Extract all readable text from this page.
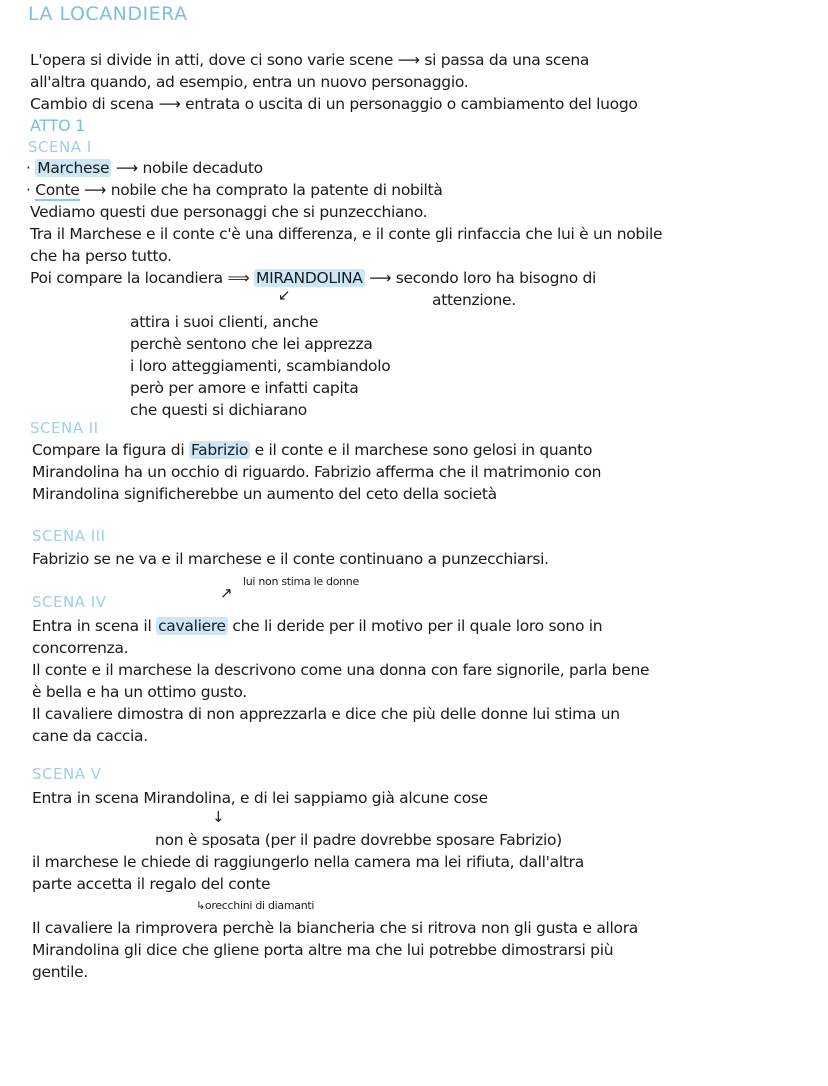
LA LOCANDIERA
L'opera si divide in atti, dove ci sono varie scene ⟶ si passa da una scena
all'altra quando, ad esempio, entra un nuovo personaggio.
Cambio di scena ⟶ entrata o uscita di un personaggio o cambiamento del luogo
ATTO 1
SCENA I
· Marchese ⟶ nobile decaduto
· Conte ⟶ nobile che ha comprato la patente di nobiltà
Vediamo questi due personaggi che si punzecchiano.
Tra il Marchese e il conte c'è una differenza, e il conte gli rinfaccia che lui è un nobile
che ha perso tutto.
Poi compare la locandiera ⟹ MIRANDOLINA ⟶ secondo loro ha bisogno di
attenzione.
↙
attira i suoi clienti, anche
perchè sentono che lei apprezza
i loro atteggiamenti, scambiandolo
però per amore e infatti capita
che questi si dichiarano
SCENA II
Compare la figura di Fabrizio e il conte e il marchese sono gelosi in quanto
Mirandolina ha un occhio di riguardo. Fabrizio afferma che il matrimonio con
Mirandolina significherebbe un aumento del ceto della società
SCENA III
Fabrizio se ne va e il marchese e il conte continuano a punzecchiarsi.
lui non stima le donne
↗
SCENA IV
Entra in scena il cavaliere che li deride per il motivo per il quale loro sono in
concorrenza.
Il conte e il marchese la descrivono come una donna con fare signorile, parla bene
è bella e ha un ottimo gusto.
Il cavaliere dimostra di non apprezzarla e dice che più delle donne lui stima un
cane da caccia.
SCENA V
Entra in scena Mirandolina, e di lei sappiamo già alcune cose
↓
non è sposata (per il padre dovrebbe sposare Fabrizio)
il marchese le chiede di raggiungerlo nella camera ma lei rifiuta, dall'altra
parte accetta il regalo del conte
↳orecchini di diamanti
Il cavaliere la rimprovera perchè la biancheria che si ritrova non gli gusta e allora
Mirandolina gli dice che gliene porta altre ma che lui potrebbe dimostrarsi più
gentile.
